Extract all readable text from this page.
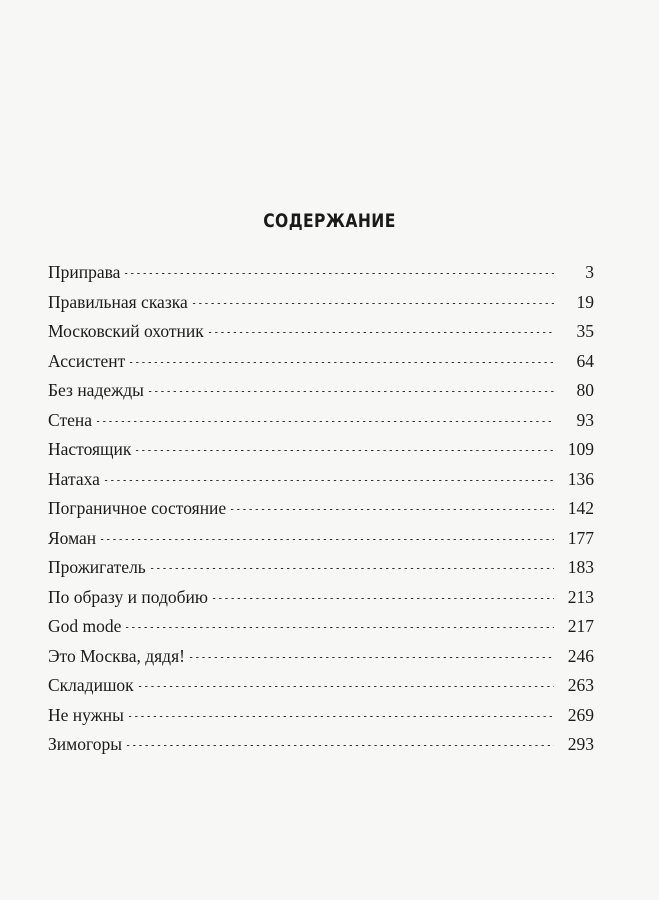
СОДЕРЖАНИЕ
Приправа	3
Правильная сказка	19
Московский охотник	35
Ассистент	64
Без надежды	80
Стена	93
Настоящик	109
Натаха	136
Пограничное состояние	142
Яоман	177
Прожигатель	183
По образу и подобию	213
God mode	217
Это Москва, дядя!	246
Складишок	263
Не нужны	269
Зимогоры	293
